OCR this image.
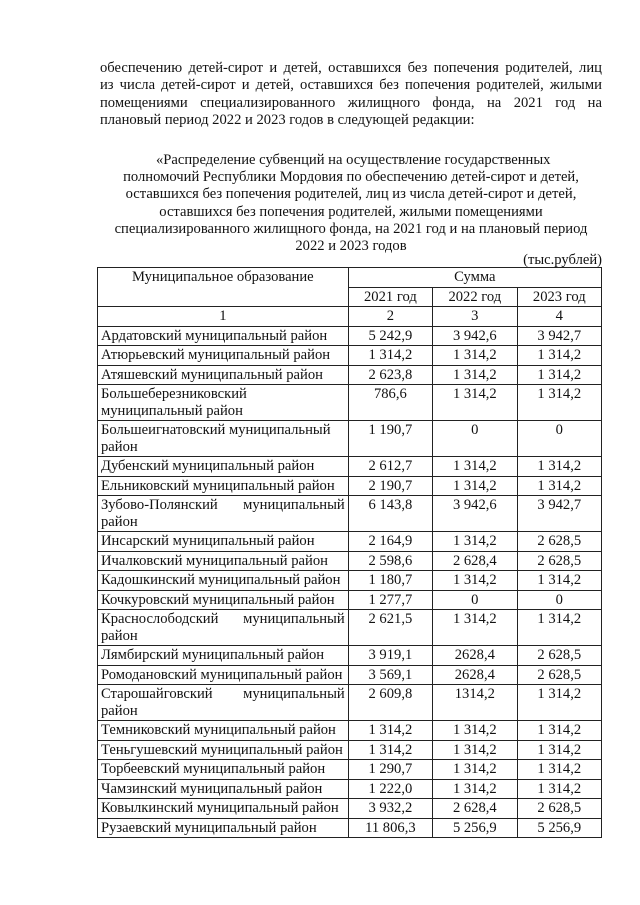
обеспечению детей-сирот и детей, оставшихся без попечения родителей, лиц
из числа детей-сирот и детей, оставшихся без попечения родителей, жилыми
помещениями специализированного жилищного фонда, на 2021 год на
плановый период 2022 и 2023 годов в следующей редакции:
«Распределение субвенций на осуществление государственных
полномочий Республики Мордовия по обеспечению детей-сирот и детей,
оставшихся без попечения родителей, лиц из числа детей-сирот и детей,
оставшихся без попечения родителей, жилыми помещениями
специализированного жилищного фонда, на 2021 год и на плановый период
2022 и 2023 годов
(тыс.рублей)
Муниципальное образование	Сумма		
	2021 год	2022 год	2023 год
1	2	3	4
Ардатовский муниципальный район	5 242,9	3 942,6	3 942,7
Атюрьевский муниципальный район	1 314,2	1 314,2	1 314,2
Атяшевский муниципальный район	2 623,8	1 314,2	1 314,2
Большеберезниковский муниципальный район	786,6	1 314,2	1 314,2
Большеигнатовский муниципальный район	1 190,7	0	0
Дубенский муниципальный район	2 612,7	1 314,2	1 314,2
Ельниковский муниципальный район	2 190,7	1 314,2	1 314,2
Зубово-Полянский муниципальный район	6 143,8	3 942,6	3 942,7
Инсарский муниципальный район	2 164,9	1 314,2	2 628,5
Ичалковский муниципальный район	2 598,6	2 628,4	2 628,5
Кадошкинский муниципальный район	1 180,7	1 314,2	1 314,2
Кочкуровский муниципальный район	1 277,7	0	0
Краснослободский муниципальный район	2 621,5	1 314,2	1 314,2
Лямбирский муниципальный район	3 919,1	2628,4	2 628,5
Ромодановский муниципальный район	3 569,1	2628,4	2 628,5
Старошайговский муниципальный район	2 609,8	1314,2	1 314,2
Темниковский муниципальный район	1 314,2	1 314,2	1 314,2
Теньгушевский муниципальный район	1 314,2	1 314,2	1 314,2
Торбеевский муниципальный район	1 290,7	1 314,2	1 314,2
Чамзинский муниципальный район	1 222,0	1 314,2	1 314,2
Ковылкинский муниципальный район	3 932,2	2 628,4	2 628,5
Рузаевский муниципальный район	11 806,3	5 256,9	5 256,9
